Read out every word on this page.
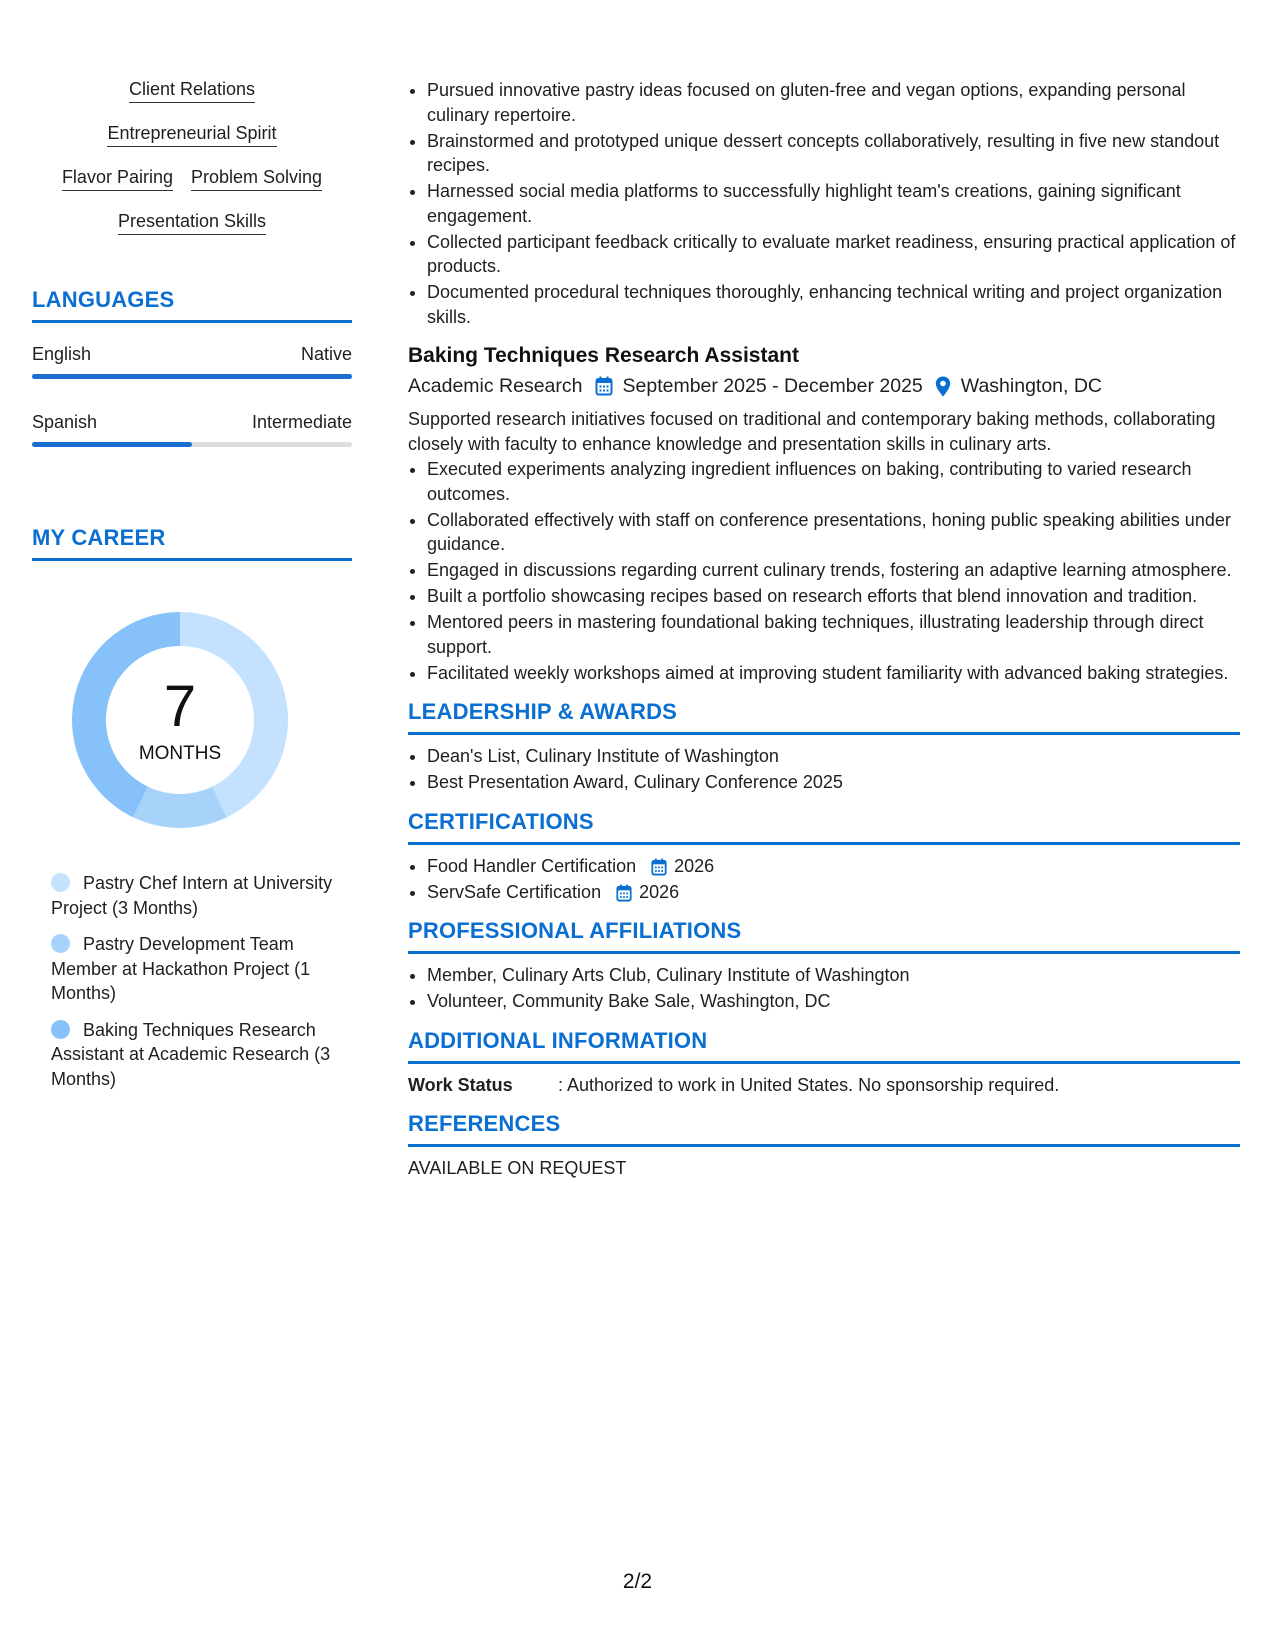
Client Relations
Entrepreneurial Spirit
Flavor Pairing Problem Solving
Presentation Skills
LANGUAGES
English	Native
Spanish	Intermediate
MY CAREER
7
MONTHS
Pastry Chef Intern at University Project (3 Months)
Pastry Development Team Member at Hackathon Project (1 Months)
Baking Techniques Research Assistant at Academic Research (3 Months)
• Pursued innovative pastry ideas focused on gluten-free and vegan options, expanding personal culinary repertoire.
• Brainstormed and prototyped unique dessert concepts collaboratively, resulting in five new standout recipes.
• Harnessed social media platforms to successfully highlight team's creations, gaining significant engagement.
• Collected participant feedback critically to evaluate market readiness, ensuring practical application of products.
• Documented procedural techniques thoroughly, enhancing technical writing and project organization skills.
Baking Techniques Research Assistant
Academic Research September 2025 - December 2025 Washington, DC
Supported research initiatives focused on traditional and contemporary baking methods, collaborating closely with faculty to enhance knowledge and presentation skills in culinary arts.
• Executed experiments analyzing ingredient influences on baking, contributing to varied research outcomes.
• Collaborated effectively with staff on conference presentations, honing public speaking abilities under guidance.
• Engaged in discussions regarding current culinary trends, fostering an adaptive learning atmosphere.
• Built a portfolio showcasing recipes based on research efforts that blend innovation and tradition.
• Mentored peers in mastering foundational baking techniques, illustrating leadership through direct support.
• Facilitated weekly workshops aimed at improving student familiarity with advanced baking strategies.
LEADERSHIP & AWARDS
• Dean's List, Culinary Institute of Washington
• Best Presentation Award, Culinary Conference 2025
CERTIFICATIONS
• Food Handler Certification 2026
• ServSafe Certification 2026
PROFESSIONAL AFFILIATIONS
• Member, Culinary Arts Club, Culinary Institute of Washington
• Volunteer, Community Bake Sale, Washington, DC
ADDITIONAL INFORMATION
Work Status	: Authorized to work in United States. No sponsorship required.
REFERENCES
AVAILABLE ON REQUEST
2/2
